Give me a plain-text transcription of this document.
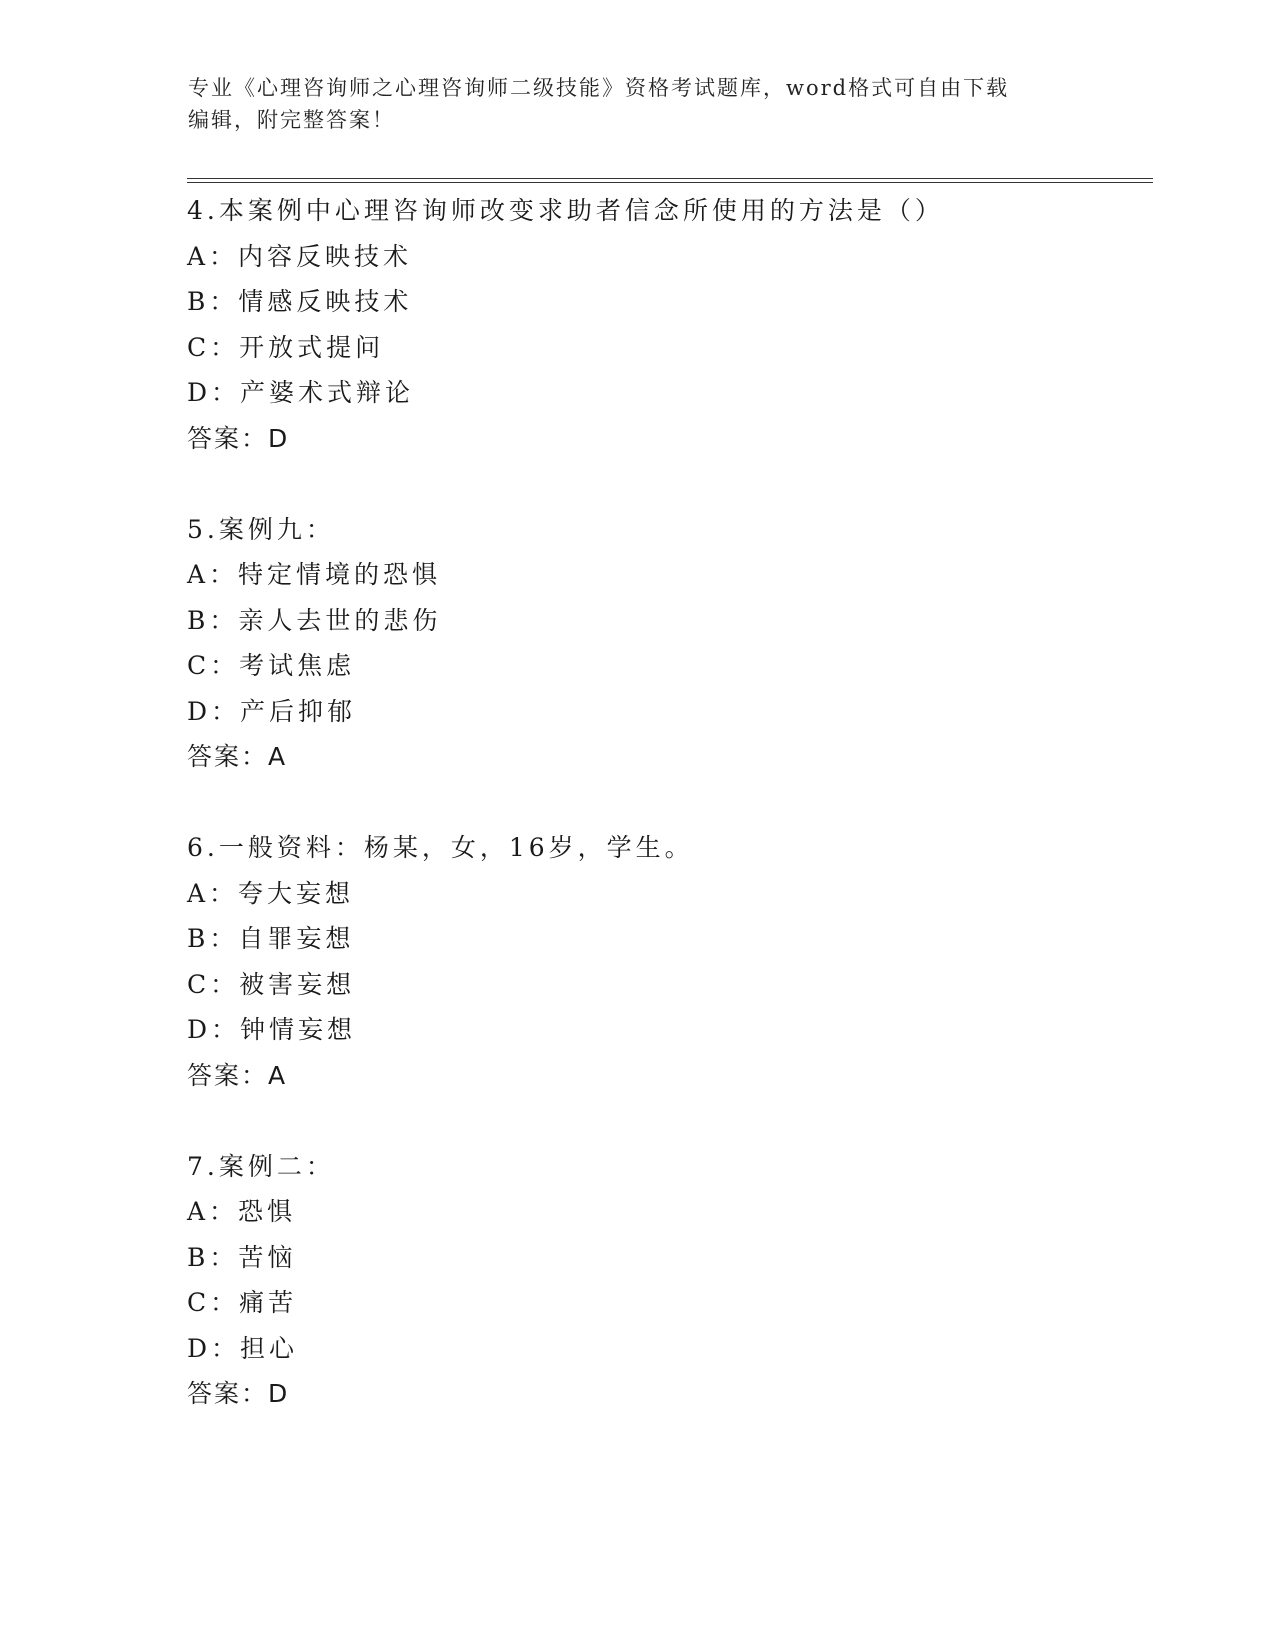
专业《心理咨询师之心理咨询师二级技能》资格考试题库，word格式可自由下载
编辑，附完整答案！
4.本案例中心理咨询师改变求助者信念所使用的方法是（）
A：内容反映技术
B：情感反映技术
C：开放式提问
D：产婆术式辩论
答案：D
5.案例九：
A：特定情境的恐惧
B：亲人去世的悲伤
C：考试焦虑
D：产后抑郁
答案：A
6.一般资料：杨某，女，16岁，学生。
A：夸大妄想
B：自罪妄想
C：被害妄想
D：钟情妄想
答案：A
7.案例二：
A：恐惧
B：苦恼
C：痛苦
D：担心
答案：D
